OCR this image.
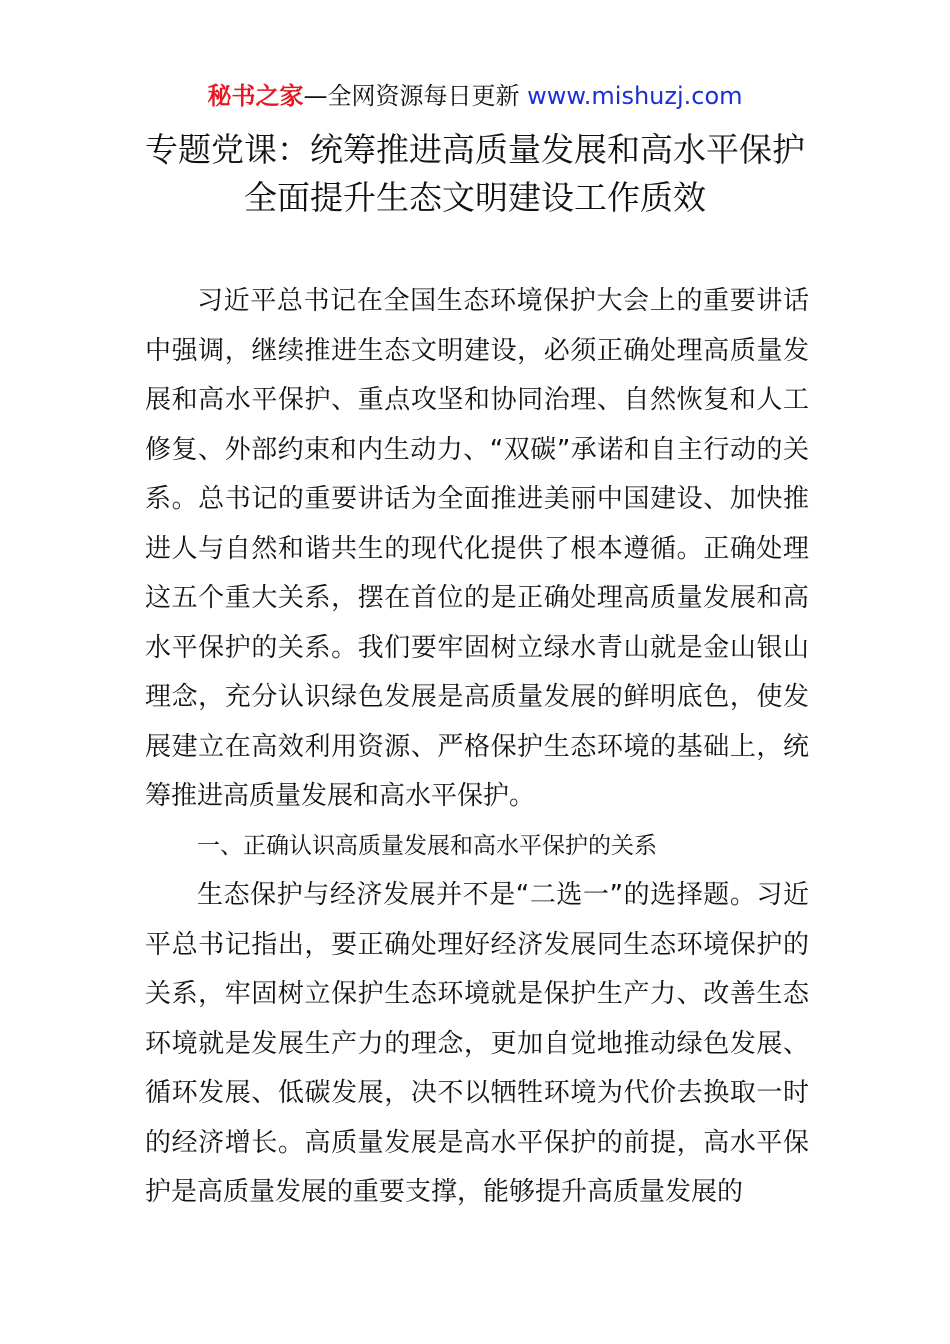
秘书之家—全网资源每日更新 www.mishuzj.com
专题党课：统筹推进高质量发展和高水平保护
全面提升生态文明建设工作质效

习近平总书记在全国生态环境保护大会上的重要讲话中强调，继续推进生态文明建设，必须正确处理高质量发展和高水平保护、重点攻坚和协同治理、自然恢复和人工修复、外部约束和内生动力、“双碳”承诺和自主行动的关系。总书记的重要讲话为全面推进美丽中国建设、加快推进人与自然和谐共生的现代化提供了根本遵循。正确处理这五个重大关系，摆在首位的是正确处理高质量发展和高水平保护的关系。我们要牢固树立绿水青山就是金山银山理念，充分认识绿色发展是高质量发展的鲜明底色，使发展建立在高效利用资源、严格保护生态环境的基础上，统筹推进高质量发展和高水平保护。

一、正确认识高质量发展和高水平保护的关系

生态保护与经济发展并不是“二选一”的选择题。习近平总书记指出，要正确处理好经济发展同生态环境保护的关系，牢固树立保护生态环境就是保护生产力、改善生态环境就是发展生产力的理念，更加自觉地推动绿色发展、循环发展、低碳发展，决不以牺牲环境为代价去换取一时的经济增长。高质量发展是高水平保护的前提，高水平保护是高质量发展的重要支撑，能够提升高质量发展的
